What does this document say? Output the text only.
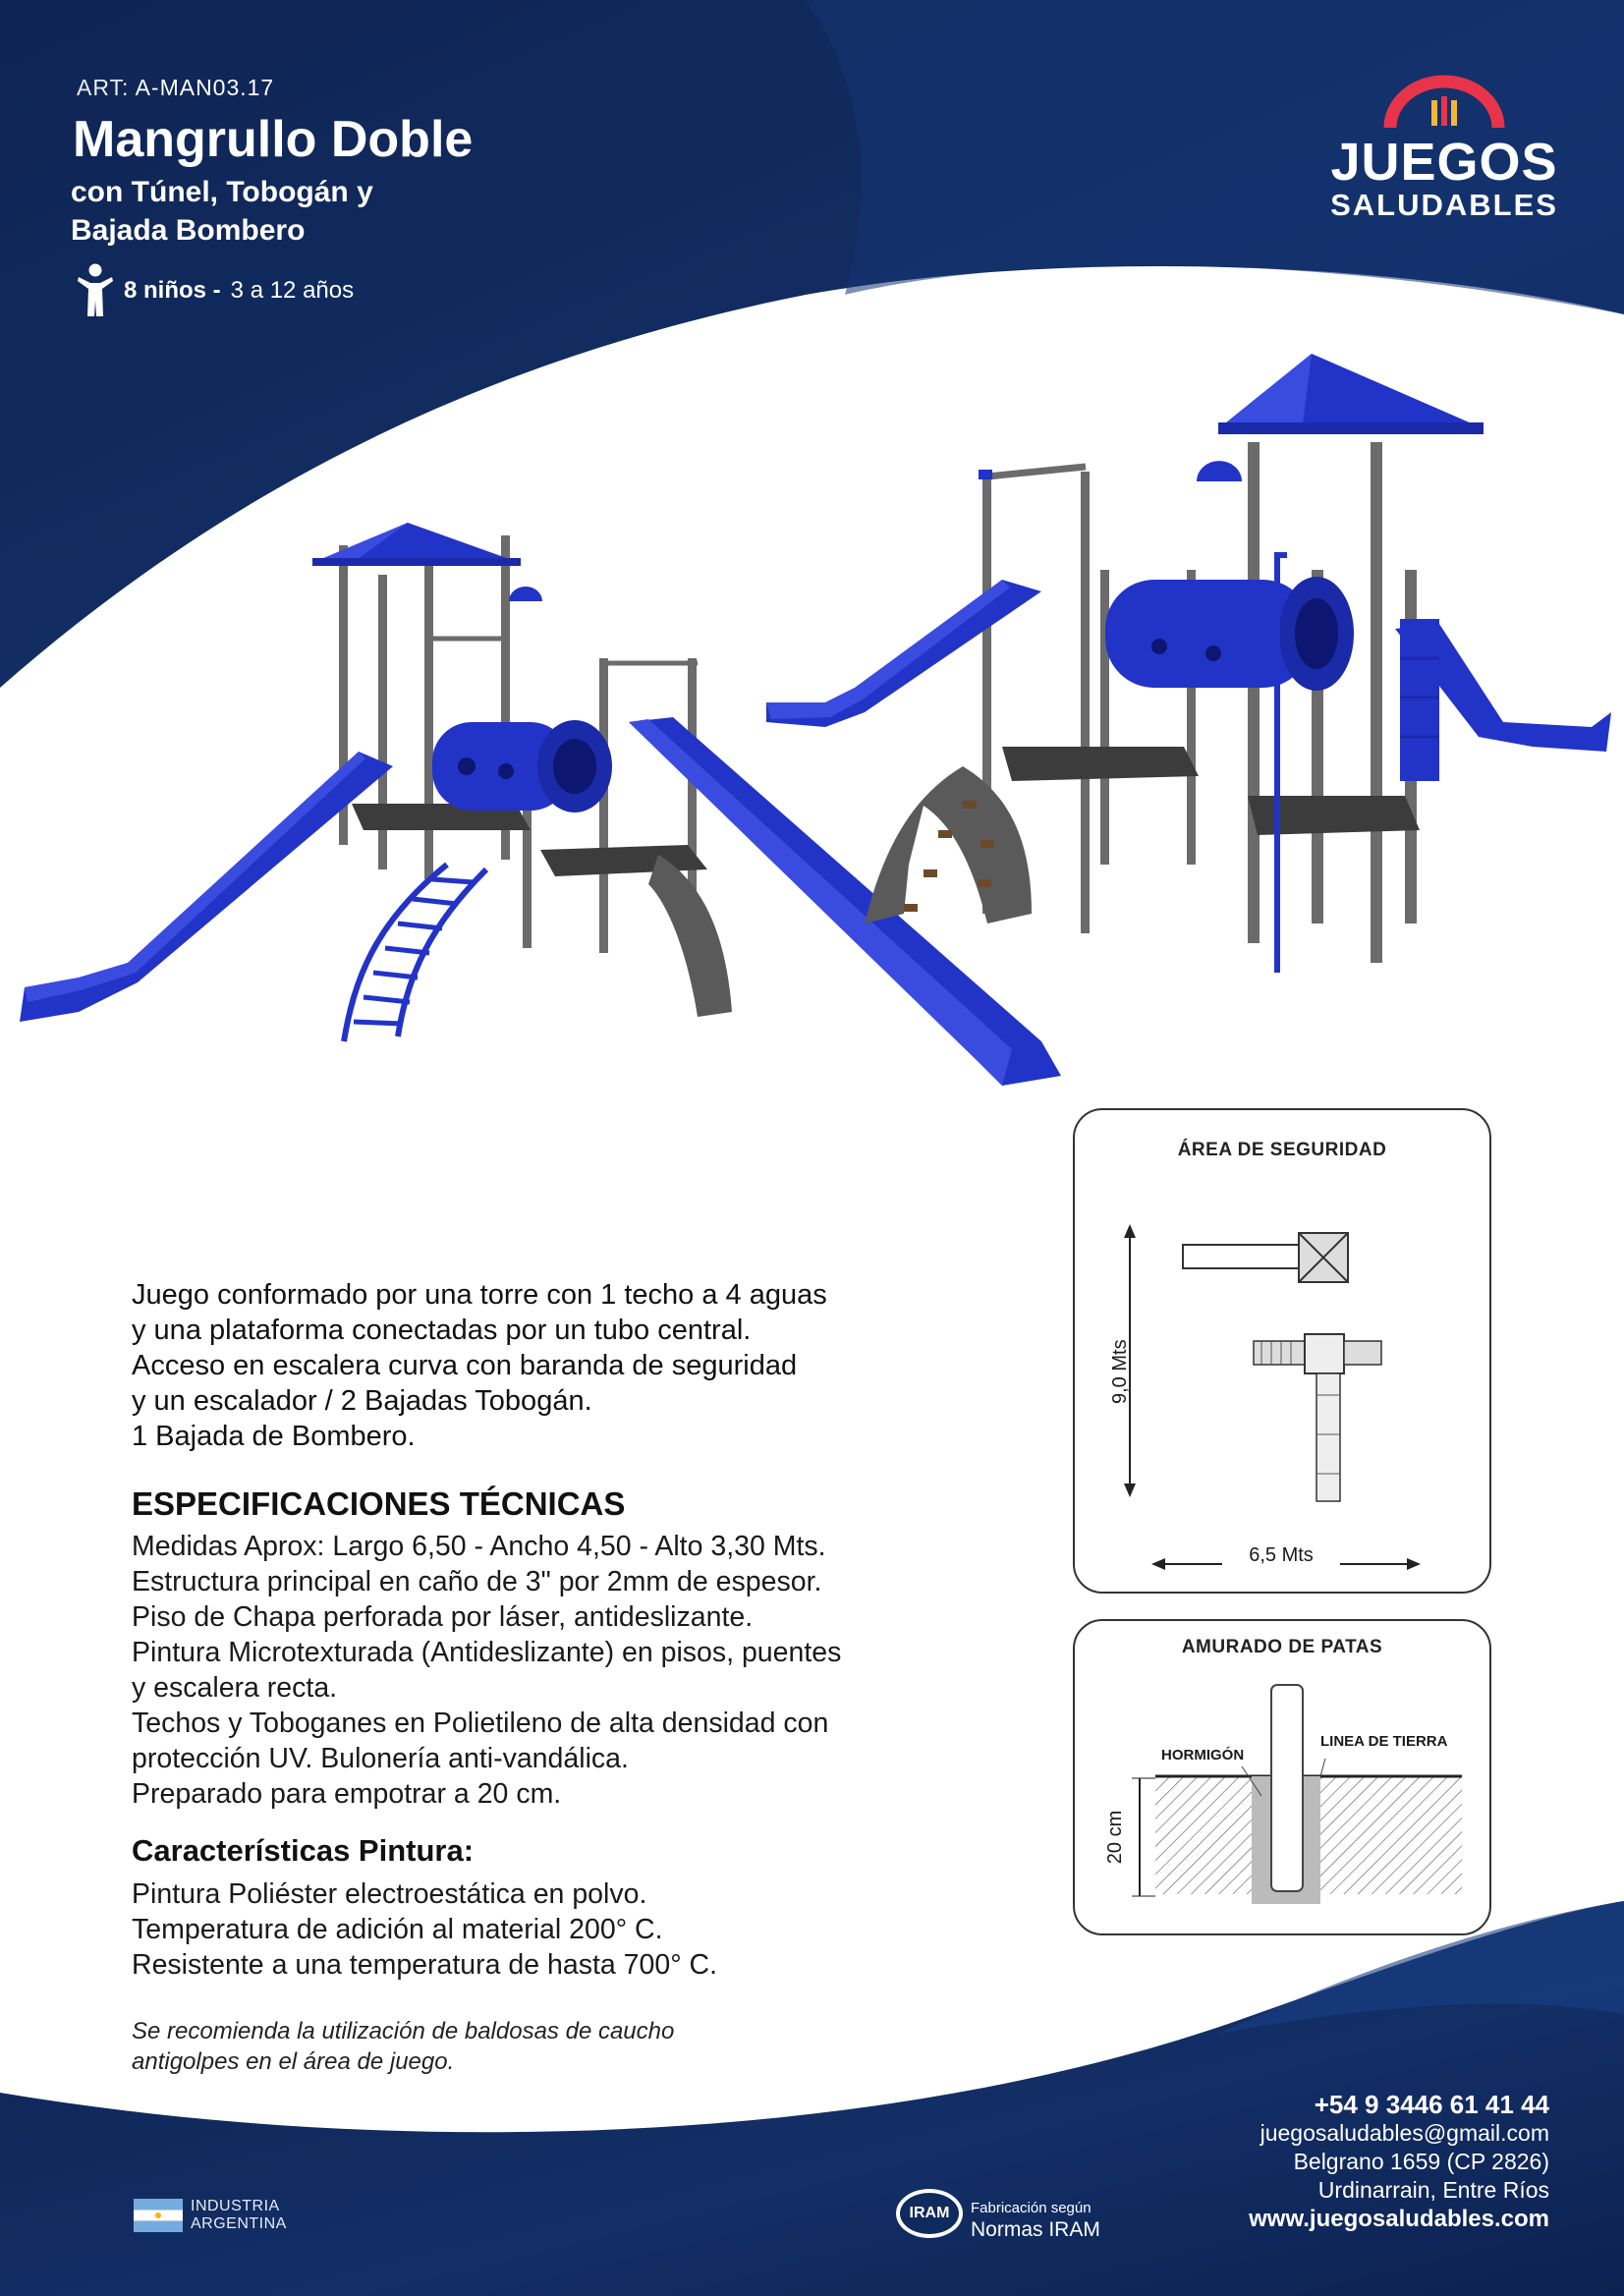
ART: A-MAN03.17
Mangrullo Doble
con Túnel, Tobogán y
Bajada Bombero
8 niños - 3 a 12 años
JUEGOS
SALUDABLES

Juego conformado por una torre con 1 techo a 4 aguas

y una plataforma conectadas por un tubo central.

Acceso en escalera curva con baranda de seguridad

y un escalador / 2 Bajadas Tobogán.

1 Bajada de Bombero.

ESPECIFICACIONES TÉCNICAS

Medidas Aprox: Largo 6,50 - Ancho 4,50 - Alto 3,30 Mts.

Estructura principal en caño de 3" por 2mm de espesor.

Piso de Chapa perforada por láser, antideslizante.

Pintura Microtexturada (Antideslizante) en pisos, puentes

y escalera recta.

Techos y Toboganes en Polietileno de alta densidad con

protección UV. Bulonería anti-vandálica.

Preparado para empotrar a 20 cm.

Características Pintura:

Pintura Poliéster electroestática en polvo.

Temperatura de adición al material 200° C.

Resistente a una temperatura de hasta 700° C.

Se recomienda la utilización de baldosas de caucho
antigolpes en el área de juego.
ÁREA DE SEGURIDAD
9,0 Mts
6,5 Mts
AMURADO DE PATAS
HORMIGÓN
LINEA DE TIERRA
20 cm
+54 9 3446 61 41 44
juegosaludables@gmail.com
Belgrano 1659 (CP 2826)
Urdinarrain, Entre Ríos
www.juegosaludables.com
INDUSTRIA
ARGENTINA
IRAM	Fabricación según
Normas IRAM
